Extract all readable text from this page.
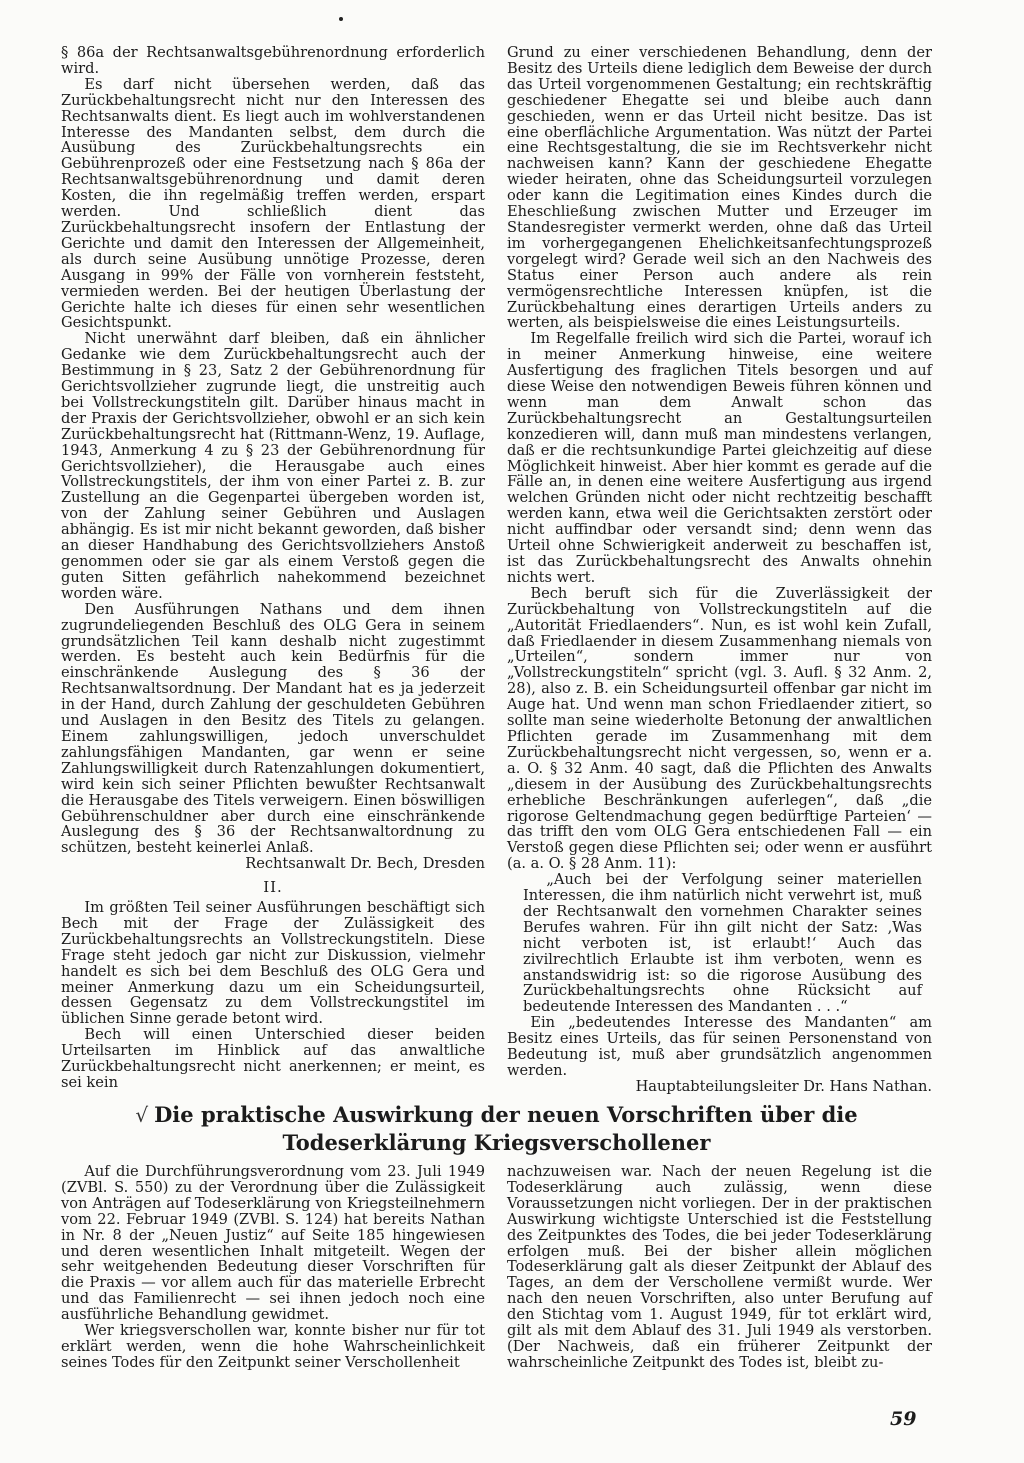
§ 86a der Rechtsanwaltsgebührenordnung erforderlich wird.

Es darf nicht übersehen werden, daß das Zurückbehaltungsrecht nicht nur den Interessen des Rechtsanwalts dient. Es liegt auch im wohlverstandenen Interesse des Mandanten selbst, dem durch die Ausübung des Zurückbehaltungsrechts ein Gebührenprozeß oder eine Festsetzung nach § 86a der Rechtsanwaltsgebührenordnung und damit deren Kosten, die ihn regelmäßig treffen werden, erspart werden. Und schließlich dient das Zurückbehaltungsrecht insofern der Entlastung der Gerichte und damit den Interessen der Allgemeinheit, als durch seine Ausübung unnötige Prozesse, deren Ausgang in 99% der Fälle von vornherein feststeht, vermieden werden. Bei der heutigen Überlastung der Gerichte halte ich dieses für einen sehr wesentlichen Gesichtspunkt.

Nicht unerwähnt darf bleiben, daß ein ähnlicher Gedanke wie dem Zurückbehaltungsrecht auch der Bestimmung in § 23, Satz 2 der Gebührenordnung für Gerichtsvollzieher zugrunde liegt, die unstreitig auch bei Vollstreckungstiteln gilt. Darüber hinaus macht in der Praxis der Gerichtsvollzieher, obwohl er an sich kein Zurückbehaltungsrecht hat (Rittmann-Wenz, 19. Auflage, 1943, Anmerkung 4 zu § 23 der Gebührenordnung für Gerichtsvollzieher), die Herausgabe auch eines Vollstreckungstitels, der ihm von einer Partei z. B. zur Zustellung an die Gegenpartei übergeben worden ist, von der Zahlung seiner Gebühren und Auslagen abhängig. Es ist mir nicht bekannt geworden, daß bisher an dieser Handhabung des Gerichtsvollziehers Anstoß genommen oder sie gar als einem Verstoß gegen die guten Sitten gefährlich nahekommend bezeichnet worden wäre.

Den Ausführungen Nathans und dem ihnen zugrundeliegenden Beschluß des OLG Gera in seinem grundsätzlichen Teil kann deshalb nicht zugestimmt werden. Es besteht auch kein Bedürfnis für die einschränkende Auslegung des § 36 der Rechtsanwaltsordnung. Der Mandant hat es ja jederzeit in der Hand, durch Zahlung der geschuldeten Gebühren und Auslagen in den Besitz des Titels zu gelangen. Einem zahlungswilligen, jedoch unverschuldet zahlungsfähigen Mandanten, gar wenn er seine Zahlungswilligkeit durch Ratenzahlungen dokumentiert, wird kein sich seiner Pflichten bewußter Rechtsanwalt die Herausgabe des Titels verweigern. Einen böswilligen Gebührenschuldner aber durch eine einschränkende Auslegung des § 36 der Rechtsanwaltordnung zu schützen, besteht keinerlei Anlaß.

Rechtsanwalt Dr. Bech, Dresden

II.

Im größten Teil seiner Ausführungen beschäftigt sich Bech mit der Frage der Zulässigkeit des Zurückbehaltungsrechts an Vollstreckungstiteln. Diese Frage steht jedoch gar nicht zur Diskussion, vielmehr handelt es sich bei dem Beschluß des OLG Gera und meiner Anmerkung dazu um ein Scheidungsurteil, dessen Gegensatz zu dem Vollstreckungstitel im üblichen Sinne gerade betont wird.

Bech will einen Unterschied dieser beiden Urteilsarten im Hinblick auf das anwaltliche Zurückbehaltungsrecht nicht anerkennen; er meint, es sei kein

Grund zu einer verschiedenen Behandlung, denn der Besitz des Urteils diene lediglich dem Beweise der durch das Urteil vorgenommenen Gestaltung; ein rechtskräftig geschiedener Ehegatte sei und bleibe auch dann geschieden, wenn er das Urteil nicht besitze. Das ist eine oberflächliche Argumentation. Was nützt der Partei eine Rechtsgestaltung, die sie im Rechtsverkehr nicht nachweisen kann? Kann der geschiedene Ehegatte wieder heiraten, ohne das Scheidungsurteil vorzulegen oder kann die Legitimation eines Kindes durch die Eheschließung zwischen Mutter und Erzeuger im Standesregister vermerkt werden, ohne daß das Urteil im vorhergegangenen Ehelichkeitsanfechtungsprozeß vorgelegt wird? Gerade weil sich an den Nachweis des Status einer Person auch andere als rein vermögensrechtliche Interessen knüpfen, ist die Zurückbehaltung eines derartigen Urteils anders zu werten, als beispielsweise die eines Leistungsurteils.

Im Regelfalle freilich wird sich die Partei, worauf ich in meiner Anmerkung hinweise, eine weitere Ausfertigung des fraglichen Titels besorgen und auf diese Weise den notwendigen Beweis führen können und wenn man dem Anwalt schon das Zurückbehaltungsrecht an Gestaltungsurteilen konzedieren will, dann muß man mindestens verlangen, daß er die rechtsunkundige Partei gleichzeitig auf diese Möglichkeit hinweist. Aber hier kommt es gerade auf die Fälle an, in denen eine weitere Ausfertigung aus irgend welchen Gründen nicht oder nicht rechtzeitig beschafft werden kann, etwa weil die Gerichtsakten zerstört oder nicht auffindbar oder versandt sind; denn wenn das Urteil ohne Schwierigkeit anderweit zu beschaffen ist, ist das Zurückbehaltungsrecht des Anwalts ohnehin nichts wert.

Bech beruft sich für die Zuverlässigkeit der Zurückbehaltung von Vollstreckungstiteln auf die „Autorität Friedlaenders“. Nun, es ist wohl kein Zufall, daß Friedlaender in diesem Zusammenhang niemals von „Urteilen“, sondern immer nur von „Vollstreckungstiteln“ spricht (vgl. 3. Aufl. § 32 Anm. 2, 28), also z. B. ein Scheidungsurteil offenbar gar nicht im Auge hat. Und wenn man schon Friedlaender zitiert, so sollte man seine wiederholte Betonung der anwaltlichen Pflichten gerade im Zusammenhang mit dem Zurückbehaltungsrecht nicht vergessen, so, wenn er a. a. O. § 32 Anm. 40 sagt, daß die Pflichten des Anwalts „diesem in der Ausübung des Zurückbehaltungsrechts erhebliche Beschränkungen auferlegen“, daß „die rigorose Geltendmachung gegen bedürftige Parteien‘ — das trifft den vom OLG Gera entschiedenen Fall — ein Verstoß gegen diese Pflichten sei; oder wenn er ausführt (a. a. O. § 28 Anm. 11):

„Auch bei der Verfolgung seiner materiellen Interessen, die ihm natürlich nicht verwehrt ist, muß der Rechtsanwalt den vornehmen Charakter seines Berufes wahren. Für ihn gilt nicht der Satz: ‚Was nicht verboten ist, ist erlaubt!‘ Auch das zivilrechtlich Erlaubte ist ihm verboten, wenn es anstandswidrig ist: so die rigorose Ausübung des Zurückbehaltungsrechts ohne Rücksicht auf bedeutende Interessen des Mandanten . . .“

Ein „bedeutendes Interesse des Mandanten“ am Besitz eines Urteils, das für seinen Personenstand von Bedeutung ist, muß aber grundsätzlich angenommen werden.

Hauptabteilungsleiter Dr. Hans Nathan.

√ Die praktische Auswirkung der neuen Vorschriften über die
Todeserklärung Kriegsverschollener

Auf die Durchführungsverordnung vom 23. Juli 1949 (ZVBl. S. 550) zu der Verordnung über die Zulässigkeit von Anträgen auf Todeserklärung von Kriegsteilnehmern vom 22. Februar 1949 (ZVBl. S. 124) hat bereits Nathan in Nr. 8 der „Neuen Justiz“ auf Seite 185 hingewiesen und deren wesentlichen Inhalt mitgeteilt. Wegen der sehr weitgehenden Bedeutung dieser Vorschriften für die Praxis — vor allem auch für das materielle Erbrecht und das Familienrecht — sei ihnen jedoch noch eine ausführliche Behandlung gewidmet.

Wer kriegsverschollen war, konnte bisher nur für tot erklärt werden, wenn die hohe Wahrscheinlichkeit seines Todes für den Zeitpunkt seiner Verschollenheit

nachzuweisen war. Nach der neuen Regelung ist die Todeserklärung auch zulässig, wenn diese Voraussetzungen nicht vorliegen. Der in der praktischen Auswirkung wichtigste Unterschied ist die Feststellung des Zeitpunktes des Todes, die bei jeder Todeserklärung erfolgen muß. Bei der bisher allein möglichen Todeserklärung galt als dieser Zeitpunkt der Ablauf des Tages, an dem der Verschollene vermißt wurde. Wer nach den neuen Vorschriften, also unter Berufung auf den Stichtag vom 1. August 1949, für tot erklärt wird, gilt als mit dem Ablauf des 31. Juli 1949 als verstorben. (Der Nachweis, daß ein früherer Zeitpunkt der wahrscheinliche Zeitpunkt des Todes ist, bleibt zu-

59
